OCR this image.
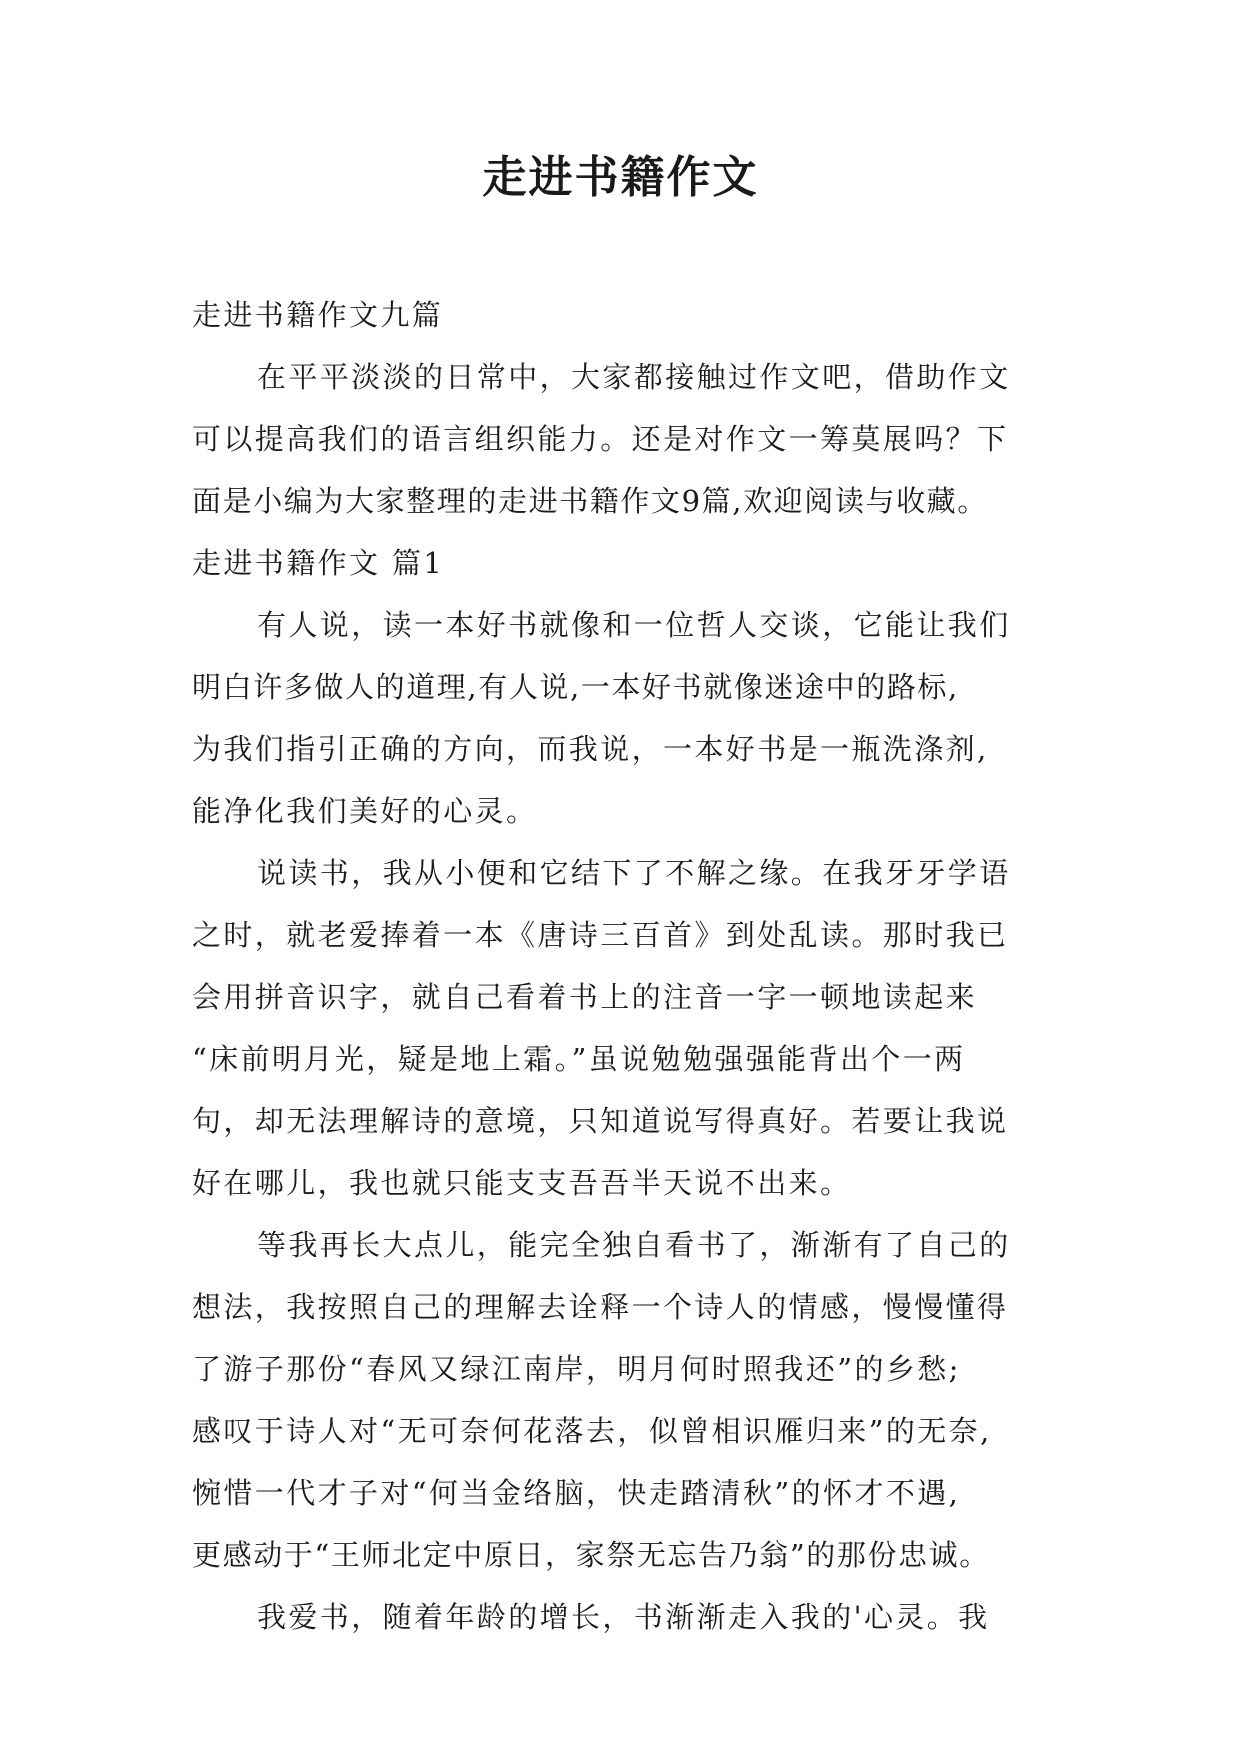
走进书籍作文
走进书籍作文九篇
在平平淡淡的日常中，大家都接触过作文吧，借助作文
可以提高我们的语言组织能力。还是对作文一筹莫展吗？下
面是小编为大家整理的走进书籍作文9篇,欢迎阅读与收藏。
走进书籍作文 篇1
有人说，读一本好书就像和一位哲人交谈，它能让我们
明白许多做人的道理,有人说,一本好书就像迷途中的路标,
为我们指引正确的方向，而我说，一本好书是一瓶洗涤剂,
能净化我们美好的心灵。
说读书，我从小便和它结下了不解之缘。在我牙牙学语
之时，就老爱捧着一本《唐诗三百首》到处乱读。那时我已
会用拼音识字，就自己看着书上的注音一字一顿地读起来
“床前明月光，疑是地上霜。”虽说勉勉强强能背出个一两
句，却无法理解诗的意境，只知道说写得真好。若要让我说
好在哪儿，我也就只能支支吾吾半天说不出来。
等我再长大点儿，能完全独自看书了，渐渐有了自己的
想法，我按照自己的理解去诠释一个诗人的情感，慢慢懂得
了游子那份“春风又绿江南岸，明月何时照我还”的乡愁;
感叹于诗人对“无可奈何花落去，似曾相识雁归来”的无奈,
惋惜一代才子对“何当金络脑，快走踏清秋”的怀才不遇,
更感动于“王师北定中原日，家祭无忘告乃翁”的那份忠诚。
我爱书，随着年龄的增长，书渐渐走入我的'心灵。我
